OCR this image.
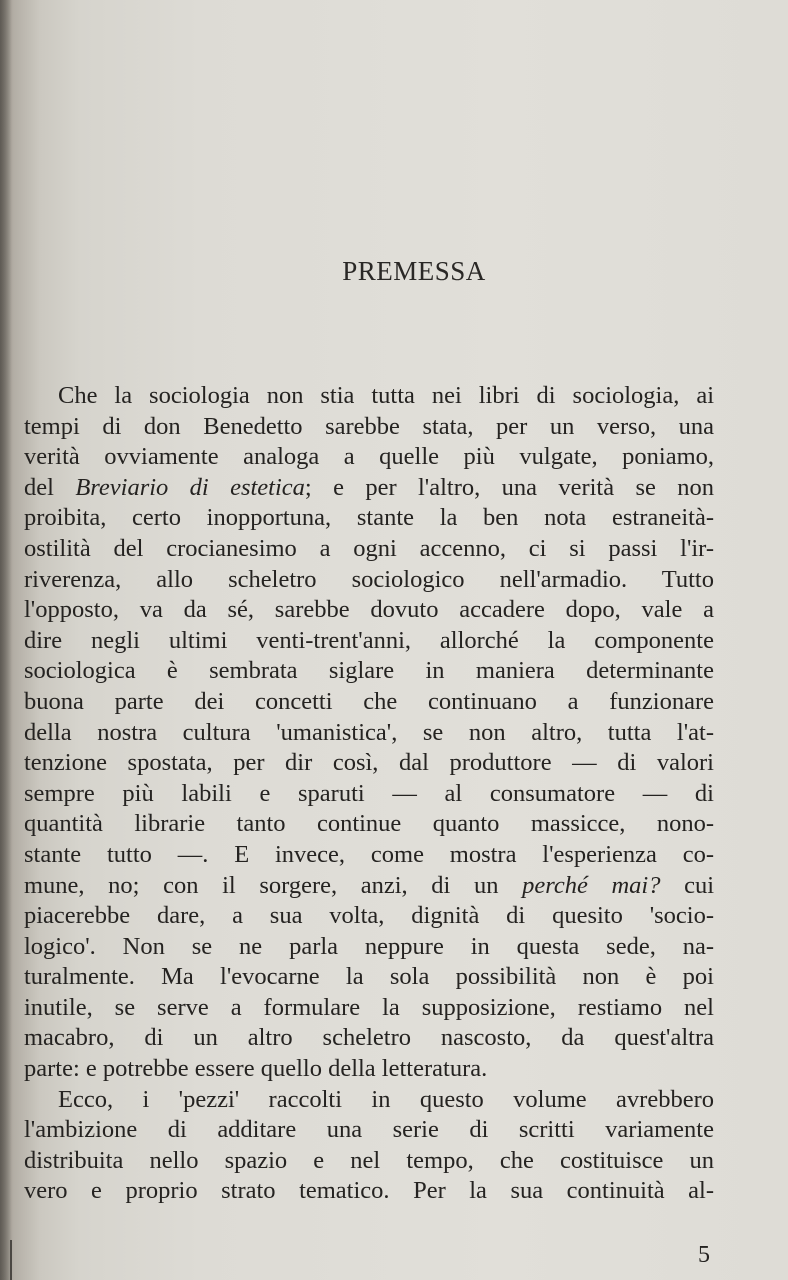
PREMESSA
Che la sociologia non stia tutta nei libri di sociologia, ai
tempi di don Benedetto sarebbe stata, per un verso, una
verità ovviamente analoga a quelle più vulgate, poniamo,
del Breviario di estetica; e per l'altro, una verità se non
proibita, certo inopportuna, stante la ben nota estraneità-
ostilità del crocianesimo a ogni accenno, ci si passi l'ir-
riverenza, allo scheletro sociologico nell'armadio. Tutto
l'opposto, va da sé, sarebbe dovuto accadere dopo, vale a
dire negli ultimi venti-trent'anni, allorché la componente
sociologica è sembrata siglare in maniera determinante
buona parte dei concetti che continuano a funzionare
della nostra cultura 'umanistica', se non altro, tutta l'at-
tenzione spostata, per dir così, dal produttore — di valori
sempre più labili e sparuti — al consumatore — di
quantità librarie tanto continue quanto massicce, nono-
stante tutto —. E invece, come mostra l'esperienza co-
mune, no; con il sorgere, anzi, di un perché mai? cui
piacerebbe dare, a sua volta, dignità di quesito 'socio-
logico'. Non se ne parla neppure in questa sede, na-
turalmente. Ma l'evocarne la sola possibilità non è poi
inutile, se serve a formulare la supposizione, restiamo nel
macabro, di un altro scheletro nascosto, da quest'altra
parte: e potrebbe essere quello della letteratura.
Ecco, i 'pezzi' raccolti in questo volume avrebbero
l'ambizione di additare una serie di scritti variamente
distribuita nello spazio e nel tempo, che costituisce un
vero e proprio strato tematico. Per la sua continuità al-
5
